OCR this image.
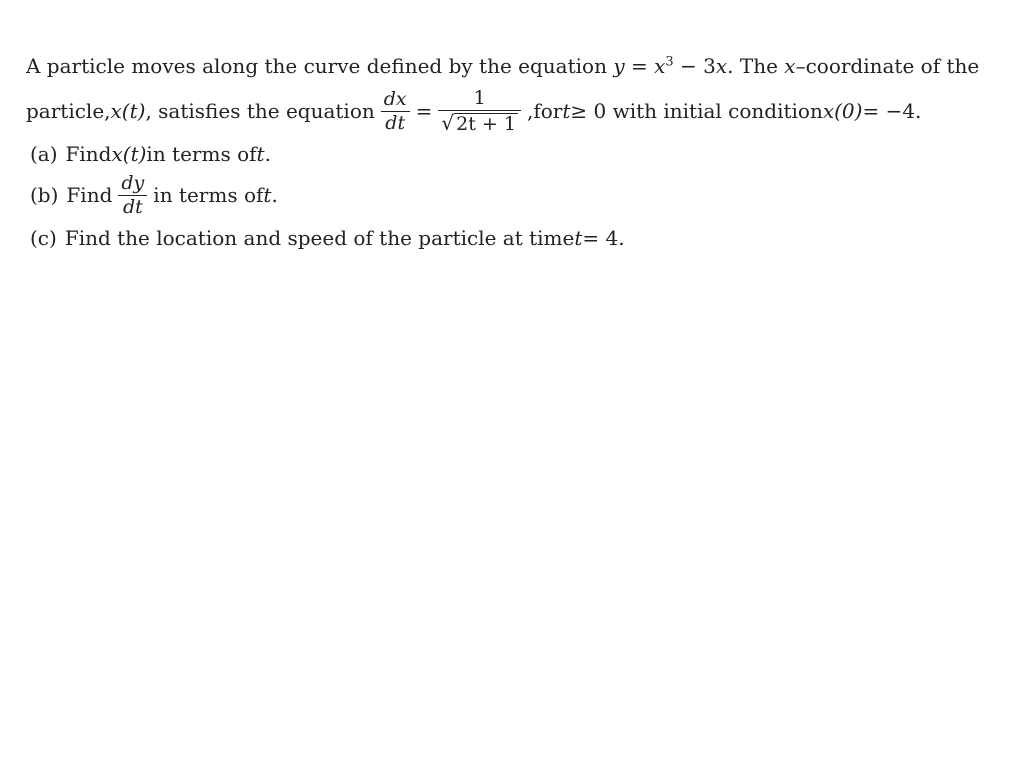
A particle moves along the curve defined by the equation $y = x^3 - 3x$. The x–coordinate of the
particle, x(t) , satisfies the equation $\frac{dx}{dt} = \frac{1}{√ 2t + 1}$ , for t ≥ 0 with initial condition x(0) = −4.
(a) Find x(t) in terms of t .
(b) Find $\frac{dy}{dt}$ in terms of t .
(c) Find the location and speed of the particle at time t = 4.
